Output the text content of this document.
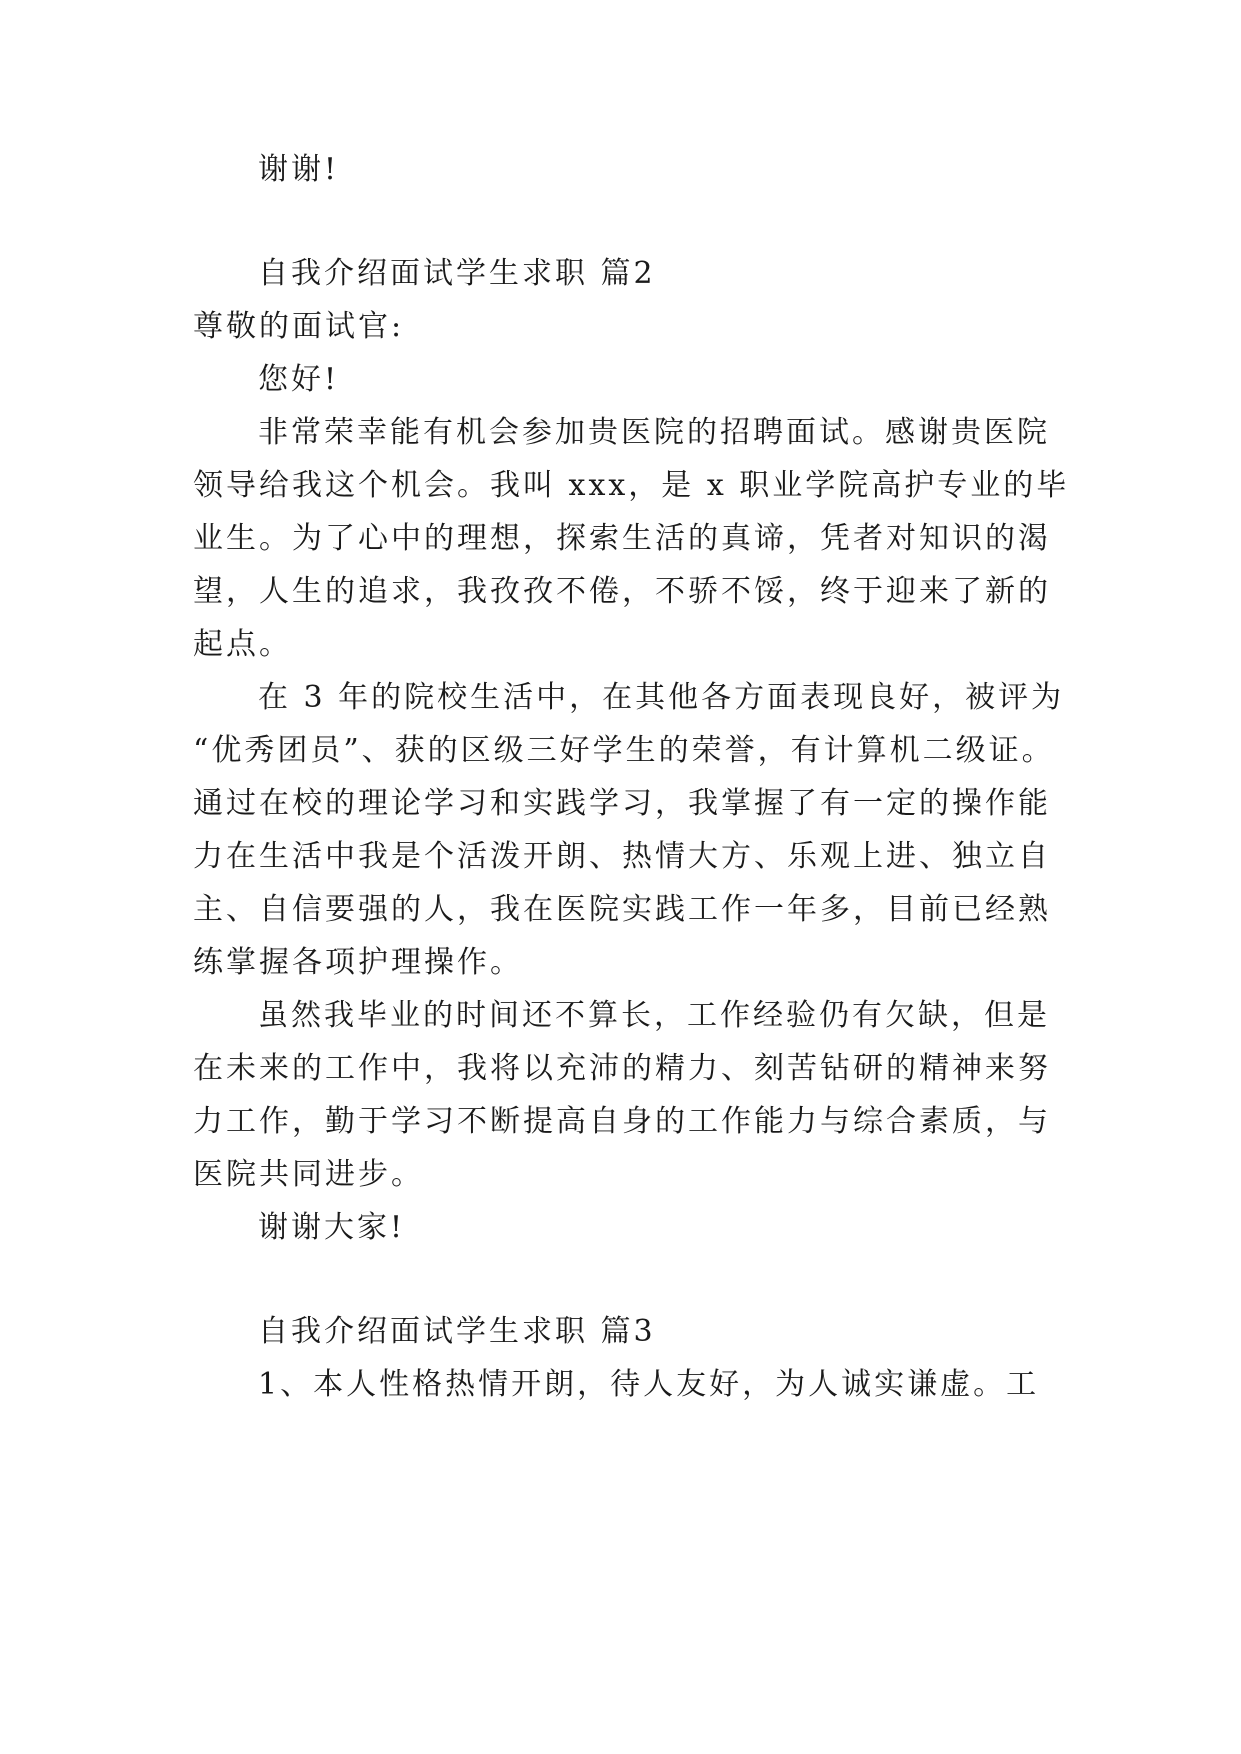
谢谢!
自我介绍面试学生求职 篇2
尊敬的面试官:
您好!
非常荣幸能有机会参加贵医院的招聘面试。感谢贵医院
领导给我这个机会。我叫 xxx，是 x 职业学院高护专业的毕
业生。为了心中的理想，探索生活的真谛，凭者对知识的渴
望，人生的追求，我孜孜不倦，不骄不馁，终于迎来了新的
起点。
在 3 年的院校生活中，在其他各方面表现良好，被评为
“优秀团员”、获的区级三好学生的荣誉，有计算机二级证。
通过在校的理论学习和实践学习，我掌握了有一定的操作能
力在生活中我是个活泼开朗、热情大方、乐观上进、独立自
主、自信要强的人，我在医院实践工作一年多，目前已经熟
练掌握各项护理操作。
虽然我毕业的时间还不算长，工作经验仍有欠缺，但是
在未来的工作中，我将以充沛的精力、刻苦钻研的精神来努
力工作，勤于学习不断提高自身的工作能力与综合素质，与
医院共同进步。
谢谢大家!
自我介绍面试学生求职 篇3
1、本人性格热情开朗，待人友好，为人诚实谦虚。工
